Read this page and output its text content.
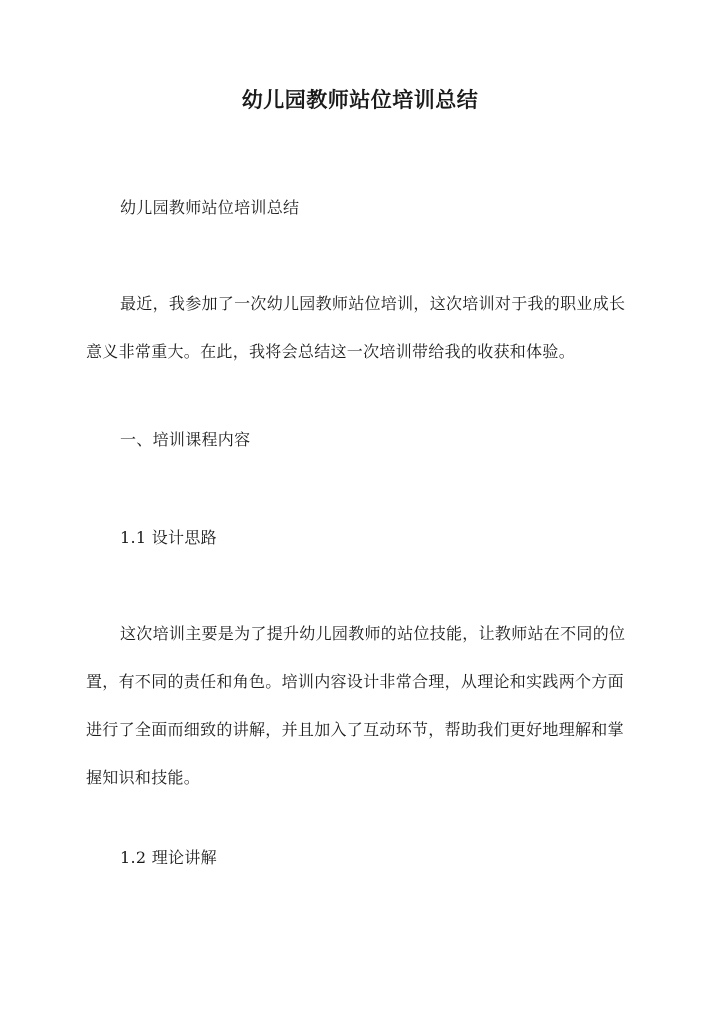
幼儿园教师站位培训总结

幼儿园教师站位培训总结

最近，我参加了一次幼儿园教师站位培训，这次培训对于我的职业成长意义非常重大。在此，我将会总结这一次培训带给我的收获和体验。

一、培训课程内容

1.1 设计思路

这次培训主要是为了提升幼儿园教师的站位技能，让教师站在不同的位置，有不同的责任和角色。培训内容设计非常合理，从理论和实践两个方面进行了全面而细致的讲解，并且加入了互动环节，帮助我们更好地理解和掌握知识和技能。

1.2 理论讲解
